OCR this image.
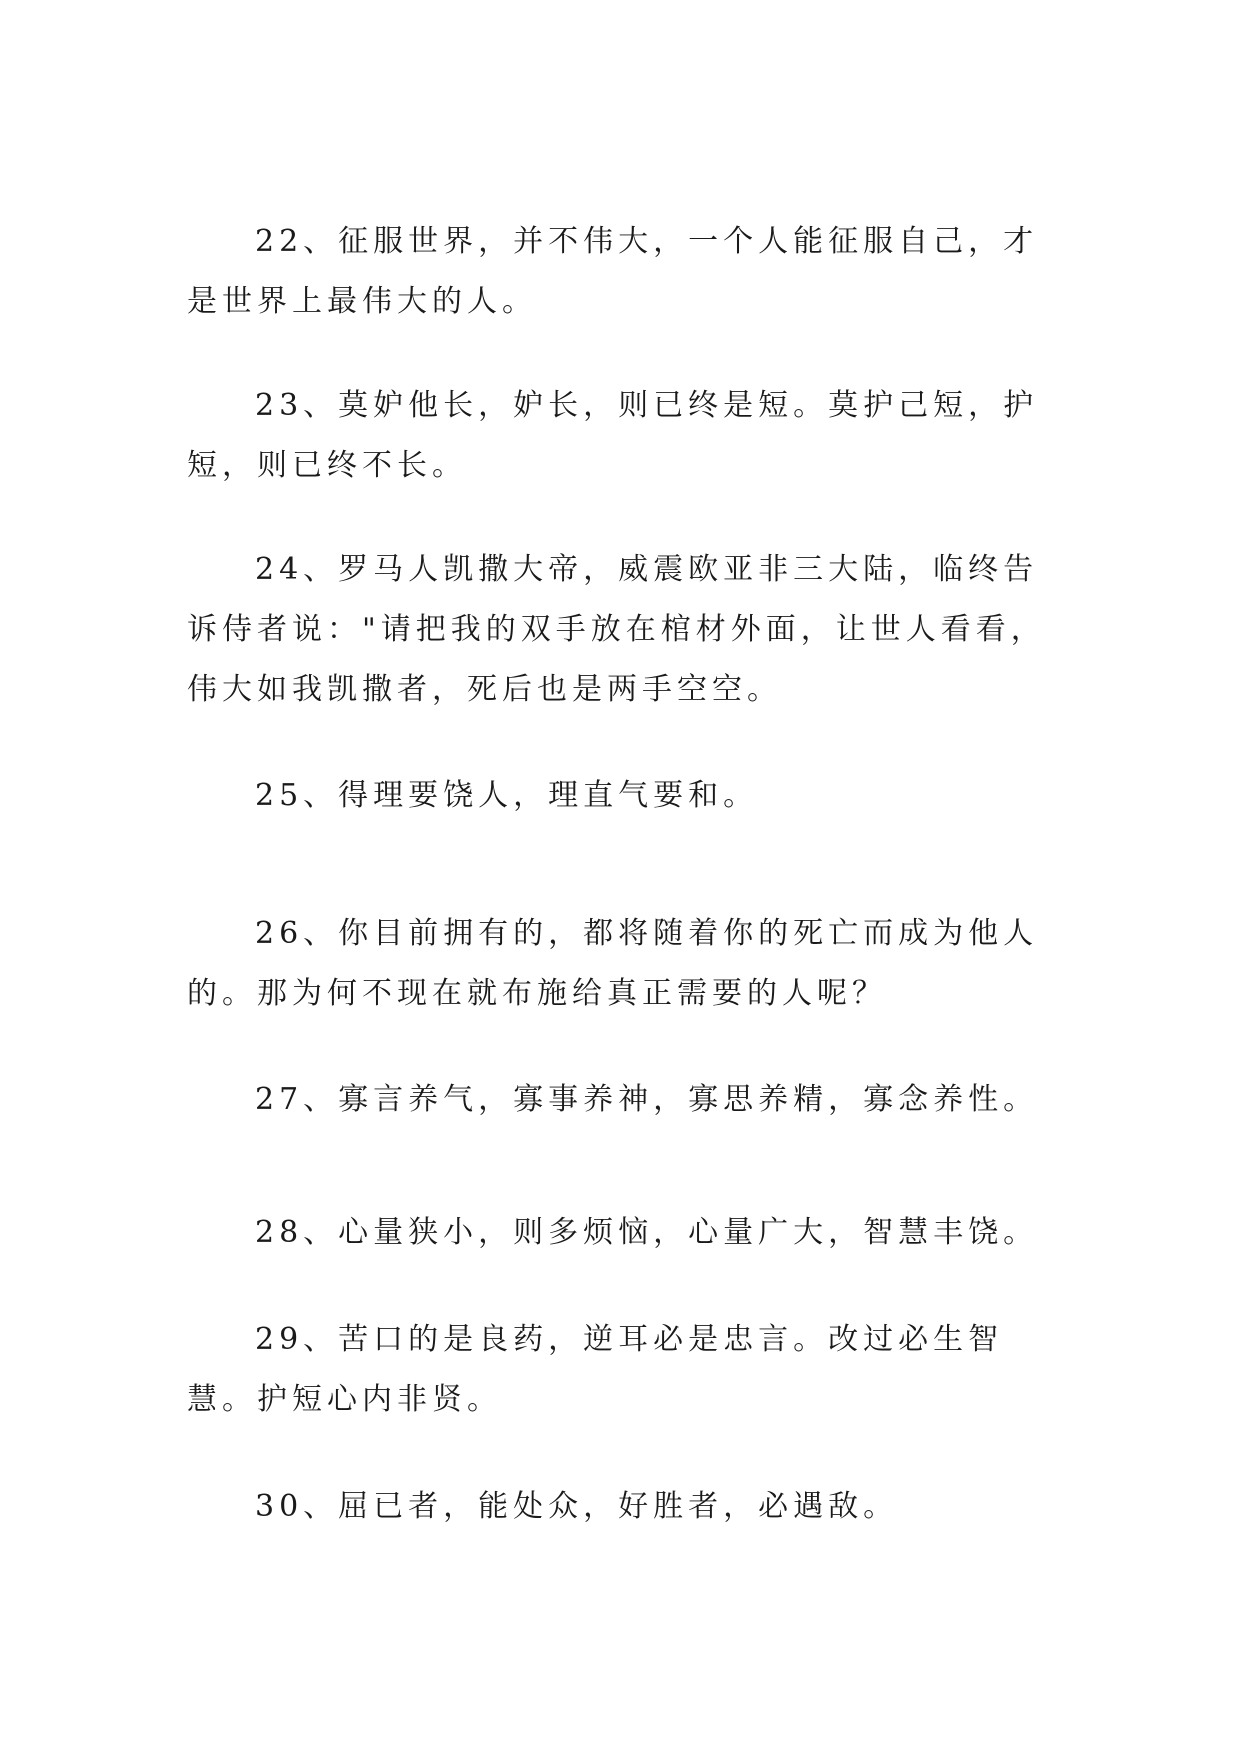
22、征服世界，并不伟大，一个人能征服自己，才是世界上最伟大的人。

23、莫妒他长，妒长，则已终是短。莫护己短，护短，则已终不长。

24、罗马人凯撒大帝，威震欧亚非三大陆，临终告诉侍者说："请把我的双手放在棺材外面，让世人看看，伟大如我凯撒者，死后也是两手空空。

25、得理要饶人，理直气要和。

26、你目前拥有的，都将随着你的死亡而成为他人的。那为何不现在就布施给真正需要的人呢？

27、寡言养气，寡事养神，寡思养精，寡念养性。

28、心量狭小，则多烦恼，心量广大，智慧丰饶。

29、苦口的是良药，逆耳必是忠言。改过必生智慧。护短心内非贤。

30、屈已者，能处众，好胜者，必遇敌。
